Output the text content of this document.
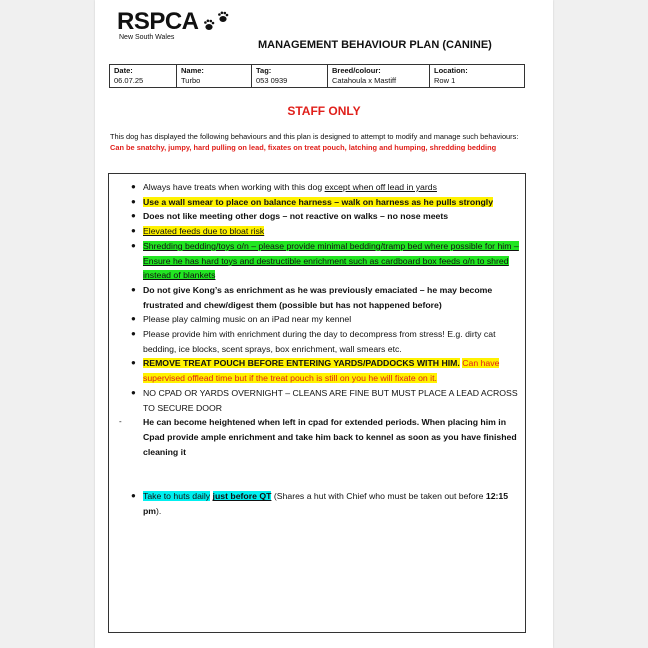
RSPCA
New South Wales
MANAGEMENT BEHAVIOUR PLAN (CANINE)
Date:
06.07.25

Name:
Turbo

Tag:
053 0939

Breed/colour:
Catahoula x Mastiff

Location:
Row 1
STAFF ONLY
This dog has displayed the following behaviours and this plan is designed to attempt to modify and manage such behaviours: Can be snatchy, jumpy, hard pulling on lead, fixates on treat pouch, latching and humping, shredding bedding
● Always have treats when working with this dog except when off lead in yards
● Use a wall smear to place on balance harness – walk on harness as he pulls strongly
● Does not like meeting other dogs – not reactive on walks – no nose meets
● Elevated feeds due to bloat risk
● Shredding bedding/toys o/n – please provide minimal bedding/tramp bed where possible for him – Ensure he has hard toys and destructible enrichment such as cardboard box feeds o/n to shred instead of blankets
● Do not give Kong’s as enrichment as he was previously emaciated – he may become frustrated and chew/digest them (possible but has not happened before)
● Please play calming music on an iPad near my kennel
● Please provide him with enrichment during the day to decompress from stress! E.g. dirty cat bedding, ice blocks, scent sprays, box enrichment, wall smears etc.
● REMOVE TREAT POUCH BEFORE ENTERING YARDS/PADDOCKS WITH HIM. Can have supervised offlead time but if the treat pouch is still on you he will fixate on it.
● NO CPAD OR YARDS OVERNIGHT – CLEANS ARE FINE BUT MUST PLACE A LEAD ACROSS TO SECURE DOOR
-	He can become heightened when left in cpad for extended periods. When placing him in Cpad provide ample enrichment and take him back to kennel as soon as you have finished cleaning it
● Take to huts daily just before QT (Shares a hut with Chief who must be taken out before 12:15 pm).
